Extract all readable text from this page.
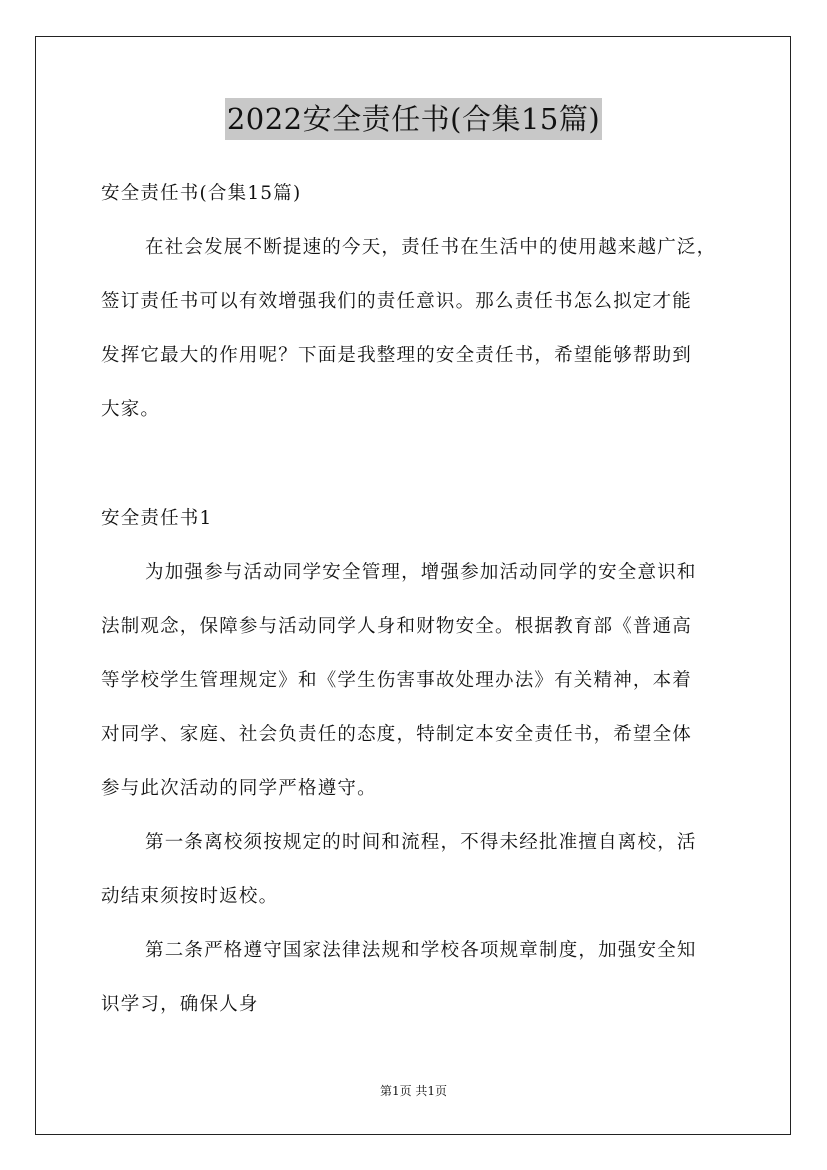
2022安全责任书(合集15篇)
安全责任书(合集15篇)
在社会发展不断提速的今天，责任书在生活中的使用越来越广泛，
签订责任书可以有效增强我们的责任意识。那么责任书怎么拟定才能
发挥它最大的作用呢？下面是我整理的安全责任书，希望能够帮助到
大家。
安全责任书1
为加强参与活动同学安全管理，增强参加活动同学的安全意识和
法制观念，保障参与活动同学人身和财物安全。根据教育部《普通高
等学校学生管理规定》和《学生伤害事故处理办法》有关精神，本着
对同学、家庭、社会负责任的态度，特制定本安全责任书，希望全体
参与此次活动的同学严格遵守。
第一条离校须按规定的时间和流程，不得未经批准擅自离校，活
动结束须按时返校。
第二条严格遵守国家法律法规和学校各项规章制度，加强安全知
识学习，确保人身
第1页 共1页
